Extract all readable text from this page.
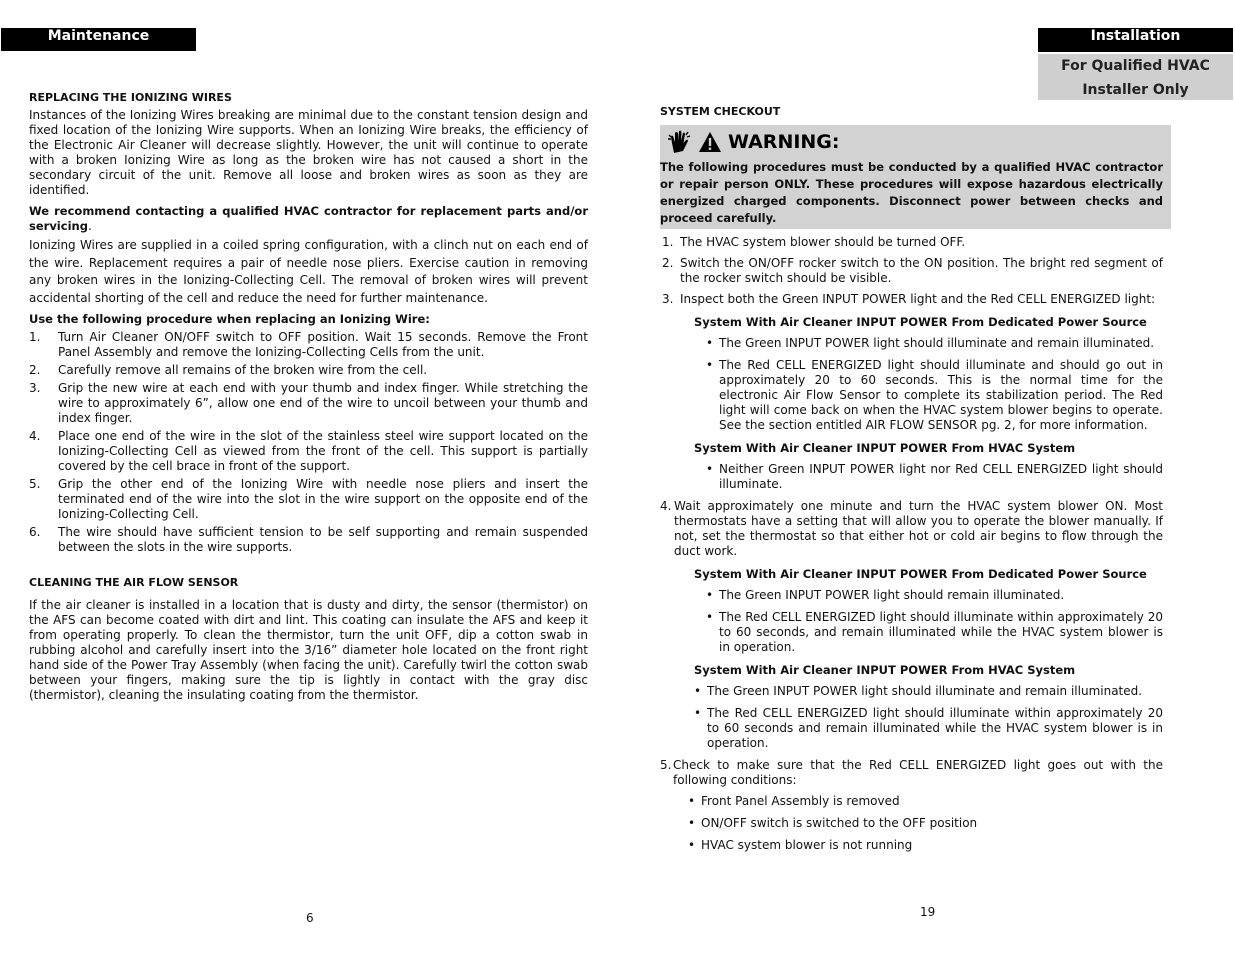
Maintenance	Installation
For Qualified HVAC
Installer Only
REPLACING THE IONIZING WIRES

Instances of the Ionizing Wires breaking are minimal due to the constant tension design and fixed location of the Ionizing Wire supports. When an Ionizing Wire breaks, the efficiency of the Electronic Air Cleaner will decrease slightly. However, the unit will continue to operate with a broken Ionizing Wire as long as the broken wire has not caused a short in the secondary circuit of the unit. Remove all loose and broken wires as soon as they are identified.

We recommend contacting a qualified HVAC contractor for replacement parts and/or servicing.

Ionizing Wires are supplied in a coiled spring configuration, with a clinch nut on each end of the wire. Replacement requires a pair of needle nose pliers. Exercise caution in removing any broken wires in the Ionizing-Collecting Cell. The removal of broken wires will prevent accidental shorting of the cell and reduce the need for further maintenance.

Use the following procedure when replacing an Ionizing Wire:

1. Turn Air Cleaner ON/OFF switch to OFF position. Wait 15 seconds. Remove the Front Panel Assembly and remove the Ionizing-Collecting Cells from the unit.
2. Carefully remove all remains of the broken wire from the cell.
3. Grip the new wire at each end with your thumb and index finger. While stretching the wire to approximately 6”, allow one end of the wire to uncoil between your thumb and index finger.
4. Place one end of the wire in the slot of the stainless steel wire support located on the Ionizing-Collecting Cell as viewed from the front of the cell. This support is partially covered by the cell brace in front of the support.
5. Grip the other end of the Ionizing Wire with needle nose pliers and insert the terminated end of the wire into the slot in the wire support on the opposite end of the Ionizing-Collecting Cell.
6. The wire should have sufficient tension to be self supporting and remain suspended between the slots in the wire supports.
CLEANING THE AIR FLOW SENSOR

If the air cleaner is installed in a location that is dusty and dirty, the sensor (thermistor) on the AFS can become coated with dirt and lint. This coating can insulate the AFS and keep it from operating properly. To clean the thermistor, turn the unit OFF, dip a cotton swab in rubbing alcohol and carefully insert into the 3/16” diameter hole located on the front right hand side of the Power Tray Assembly (when facing the unit). Carefully twirl the cotton swab between your fingers, making sure the tip is lightly in contact with the gray disc (thermistor), cleaning the insulating coating from the thermistor.

6
SYSTEM CHECKOUT
WARNING:
The following procedures must be conducted by a qualified HVAC contractor or repair person ONLY. These procedures will expose hazardous electrically energized charged components. Disconnect power between checks and proceed carefully.
1. The HVAC system blower should be turned OFF.
2. Switch the ON/OFF rocker switch to the ON position. The bright red segment of the rocker switch should be visible.
3. Inspect both the Green INPUT POWER light and the Red CELL ENERGIZED light:
System With Air Cleaner INPUT POWER From Dedicated Power Source
• The Green INPUT POWER light should illuminate and remain illuminated.
• The Red CELL ENERGIZED light should illuminate and should go out in approximately 20 to 60 seconds. This is the normal time for the electronic Air Flow Sensor to complete its stabilization period. The Red light will come back on when the HVAC system blower begins to operate. See the section entitled AIR FLOW SENSOR pg. 2, for more information.
System With Air Cleaner INPUT POWER From HVAC System
• Neither Green INPUT POWER light nor Red CELL ENERGIZED light should illuminate.
4. Wait approximately one minute and turn the HVAC system blower ON. Most thermostats have a setting that will allow you to operate the blower manually. If not, set the thermostat so that either hot or cold air begins to flow through the duct work.
System With Air Cleaner INPUT POWER From Dedicated Power Source
• The Green INPUT POWER light should remain illuminated.
• The Red CELL ENERGIZED light should illuminate within approximately 20 to 60 seconds, and remain illuminated while the HVAC system blower is in operation.
System With Air Cleaner INPUT POWER From HVAC System
• The Green INPUT POWER light should illuminate and remain illuminated.
• The Red CELL ENERGIZED light should illuminate within approximately 20 to 60 seconds and remain illuminated while the HVAC system blower is in operation.
5. Check to make sure that the Red CELL ENERGIZED light goes out with the following conditions:
• Front Panel Assembly is removed
• ON/OFF switch is switched to the OFF position
• HVAC system blower is not running
19
